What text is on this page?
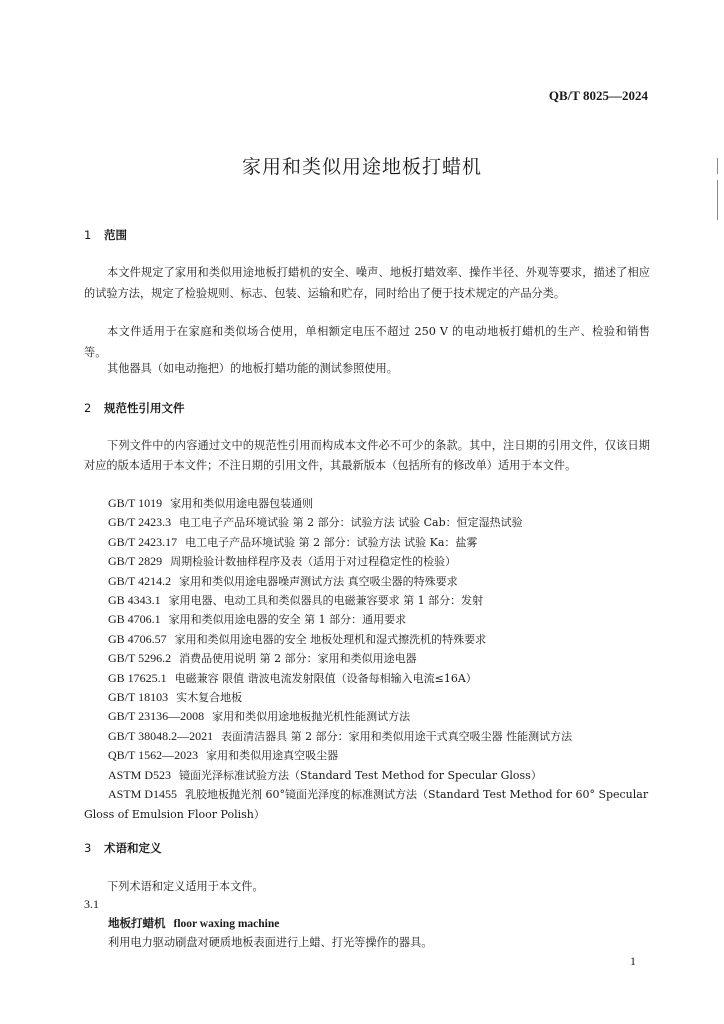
QB/T 8025—2024
家用和类似用途地板打蜡机
1 范围
本文件规定了家用和类似用途地板打蜡机的安全、噪声、地板打蜡效率、操作半径、外观等要求，描述了相应的试验方法，规定了检验规则、标志、包装、运输和贮存，同时给出了便于技术规定的产品分类。
本文件适用于在家庭和类似场合使用，单相额定电压不超过 250 V 的电动地板打蜡机的生产、检验和销售等。
其他器具（如电动拖把）的地板打蜡功能的测试参照使用。
2 规范性引用文件
下列文件中的内容通过文中的规范性引用而构成本文件必不可少的条款。其中，注日期的引用文件，仅该日期对应的版本适用于本文件；不注日期的引用文件，其最新版本（包括所有的修改单）适用于本文件。
GB/T 1019 家用和类似用途电器包装通则
GB/T 2423.3 电工电子产品环境试验 第 2 部分：试验方法 试验 Cab：恒定湿热试验
GB/T 2423.17 电工电子产品环境试验 第 2 部分：试验方法 试验 Ka：盐雾
GB/T 2829 周期检验计数抽样程序及表（适用于对过程稳定性的检验）
GB/T 4214.2 家用和类似用途电器噪声测试方法 真空吸尘器的特殊要求
GB 4343.1 家用电器、电动工具和类似器具的电磁兼容要求 第 1 部分：发射
GB 4706.1 家用和类似用途电器的安全 第 1 部分：通用要求
GB 4706.57 家用和类似用途电器的安全 地板处理机和湿式擦洗机的特殊要求
GB/T 5296.2 消费品使用说明 第 2 部分：家用和类似用途电器
GB 17625.1 电磁兼容 限值 谐波电流发射限值（设备每相输入电流≤16A）
GB/T 18103 实木复合地板
GB/T 23136—2008 家用和类似用途地板抛光机性能测试方法
GB/T 38048.2—2021 表面清洁器具 第 2 部分：家用和类似用途干式真空吸尘器 性能测试方法
QB/T 1562—2023 家用和类似用途真空吸尘器
ASTM D523 镜面光泽标准试验方法（Standard Test Method for Specular Gloss）
ASTM D1455 乳胶地板抛光剂 60°镜面光泽度的标准测试方法（Standard Test Method for 60° Specular Gloss of Emulsion Floor Polish）
3 术语和定义
下列术语和定义适用于本文件。
3.1
地板打蜡机 floor waxing machine
利用电力驱动刷盘对硬质地板表面进行上蜡、打光等操作的器具。
1
